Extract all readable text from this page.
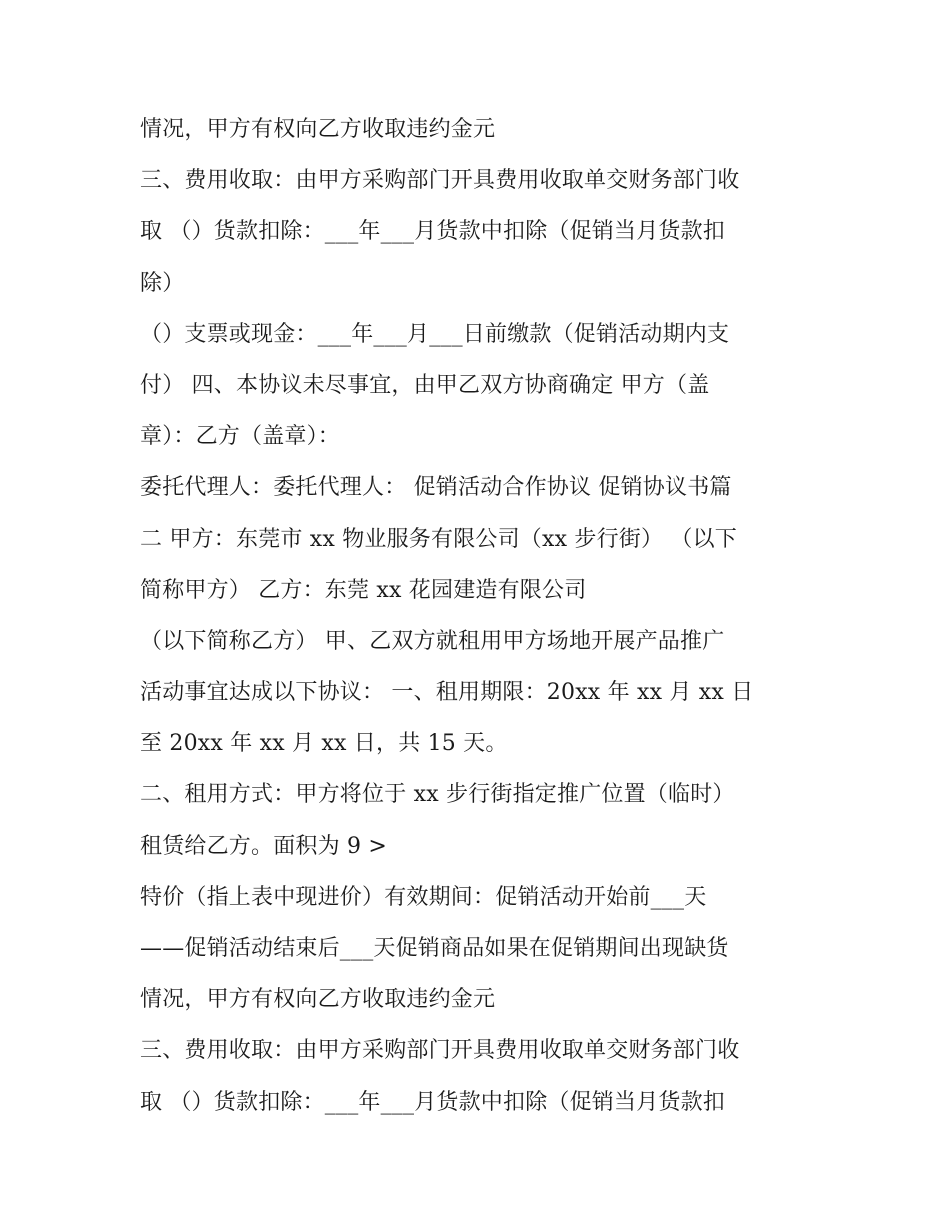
情况，甲方有权向乙方收取违约金元
三、费用收取：由甲方采购部门开具费用收取单交财务部门收
取 （）货款扣除：___年___月货款中扣除（促销当月货款扣
除）
（）支票或现金：___年___月___日前缴款（促销活动期内支
付） 四、本协议未尽事宜，由甲乙双方协商确定 甲方（盖
章）：乙方（盖章）：
委托代理人：委托代理人： 促销活动合作协议 促销协议书篇
二 甲方：东莞市 xx 物业服务有限公司（xx 步行街） （以下
简称甲方） 乙方：东莞 xx 花园建造有限公司
（以下简称乙方） 甲、乙双方就租用甲方场地开展产品推广
活动事宜达成以下协议： 一、租用期限：20xx 年 xx 月 xx 日
至 20xx 年 xx 月 xx 日，共 15 天。
二、租用方式：甲方将位于 xx 步行街指定推广位置（临时）
租赁给乙方。面积为 9 >
特价（指上表中现进价）有效期间：促销活动开始前___天
——促销活动结束后___天促销商品如果在促销期间出现缺货
情况，甲方有权向乙方收取违约金元
三、费用收取：由甲方采购部门开具费用收取单交财务部门收
取 （）货款扣除：___年___月货款中扣除（促销当月货款扣
